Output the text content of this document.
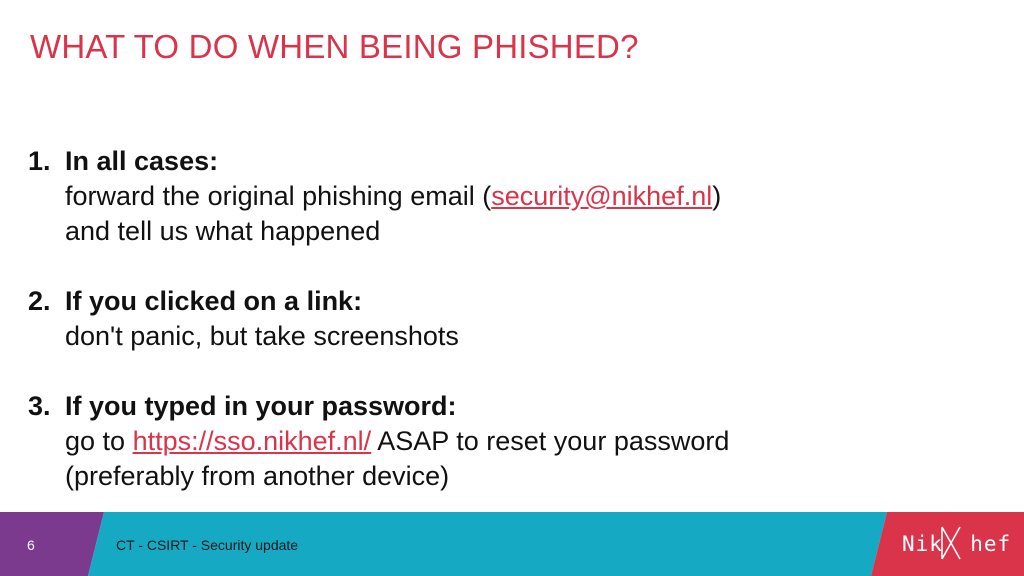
WHAT TO DO WHEN BEING PHISHED?
1. In all cases:
forward the original phishing email (security@nikhef.nl)
and tell us what happened
2. If you clicked on a link:
don't panic, but take screenshots
3. If you typed in your password:
go to https://sso.nikhef.nl/ ASAP to reset your password
(preferably from another device)
6	CT - CSIRT - Security update	Nik hef
